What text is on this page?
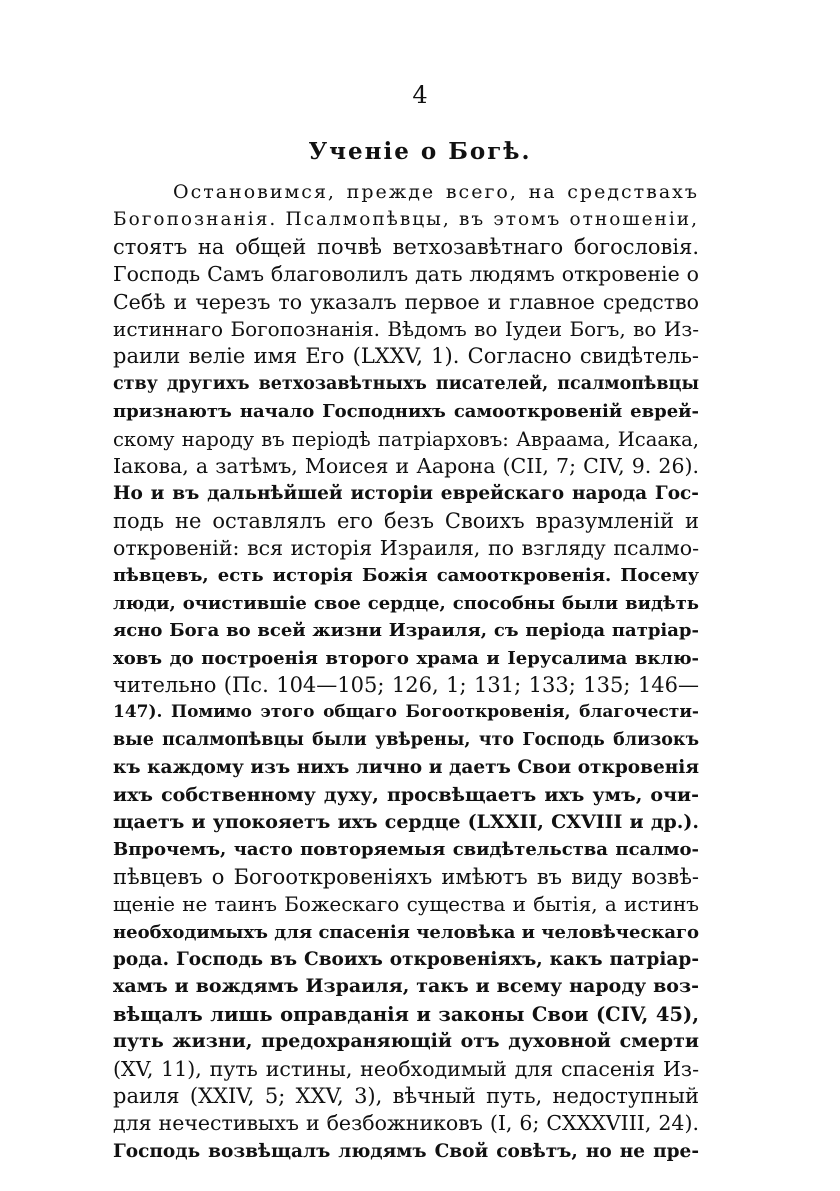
4
Ученіе о Богѣ.
Остановимся, прежде всего, на средствахъ
Богопознанія. Псалмопѣвцы, въ этомъ отношеніи,
стоятъ на общей почвѣ ветхозавѣтнаго богословія.
Господь Самъ благоволилъ дать людямъ откровеніе о
Себѣ и черезъ то указалъ первое и главное средство
истиннаго Богопознанія. Вѣдомъ во Іудеи Богъ, во Из-
раили веліе имя Его (LXXV, 1). Согласно свидѣтель-
ству другихъ ветхозавѣтныхъ писателей, псалмопѣвцы
признаютъ начало Господнихъ самооткровеній еврей-
скому народу въ періодѣ патріарховъ: Авраама, Исаака,
Іакова, а затѣмъ, Моисея и Аарона (CII, 7; CIV, 9. 26).
Но и въ дальнѣйшей исторіи еврейскаго народа Гос-
подь не оставлялъ его безъ Своихъ вразумленій и
откровеній: вся исторія Израиля, по взгляду псалмо-
пѣвцевъ, есть исторія Божія самооткровенія. Посему
люди, очистившіе свое сердце, способны были видѣть
ясно Бога во всей жизни Израиля, съ періода патріар-
ховъ до построенія второго храма и Іерусалима вклю-
чительно (Пс. 104—105; 126, 1; 131; 133; 135; 146—
147). Помимо этого общаго Богооткровенія, благочести-
вые псалмопѣвцы были увѣрены, что Господь близокъ
къ каждому изъ нихъ лично и даетъ Свои откровенія
ихъ собственному духу, просвѣщаетъ ихъ умъ, очи-
щаетъ и упокояетъ ихъ сердце (LXXII, CXVIII и др.).
Впрочемъ, часто повторяемыя свидѣтельства псалмо-
пѣвцевъ о Богооткровеніяхъ имѣютъ въ виду возвѣ-
щеніе не таинъ Божескаго существа и бытія, а истинъ
необходимыхъ для спасенія человѣка и человѣческаго
рода. Господь въ Своихъ откровеніяхъ, какъ патріар-
хамъ и вождямъ Израиля, такъ и всему народу воз-
вѣщалъ лишь оправданія и законы Свои (CIV, 45),
путь жизни, предохраняющій отъ духовной смерти
(XV, 11), путь истины, необходимый для спасенія Из-
раиля (XXIV, 5; XXV, 3), вѣчный путь, недоступный
для нечестивыхъ и безбожниковъ (I, 6; CXXXVIII, 24).
Господь возвѣщалъ людямъ Свой совѣтъ, но не пре-
